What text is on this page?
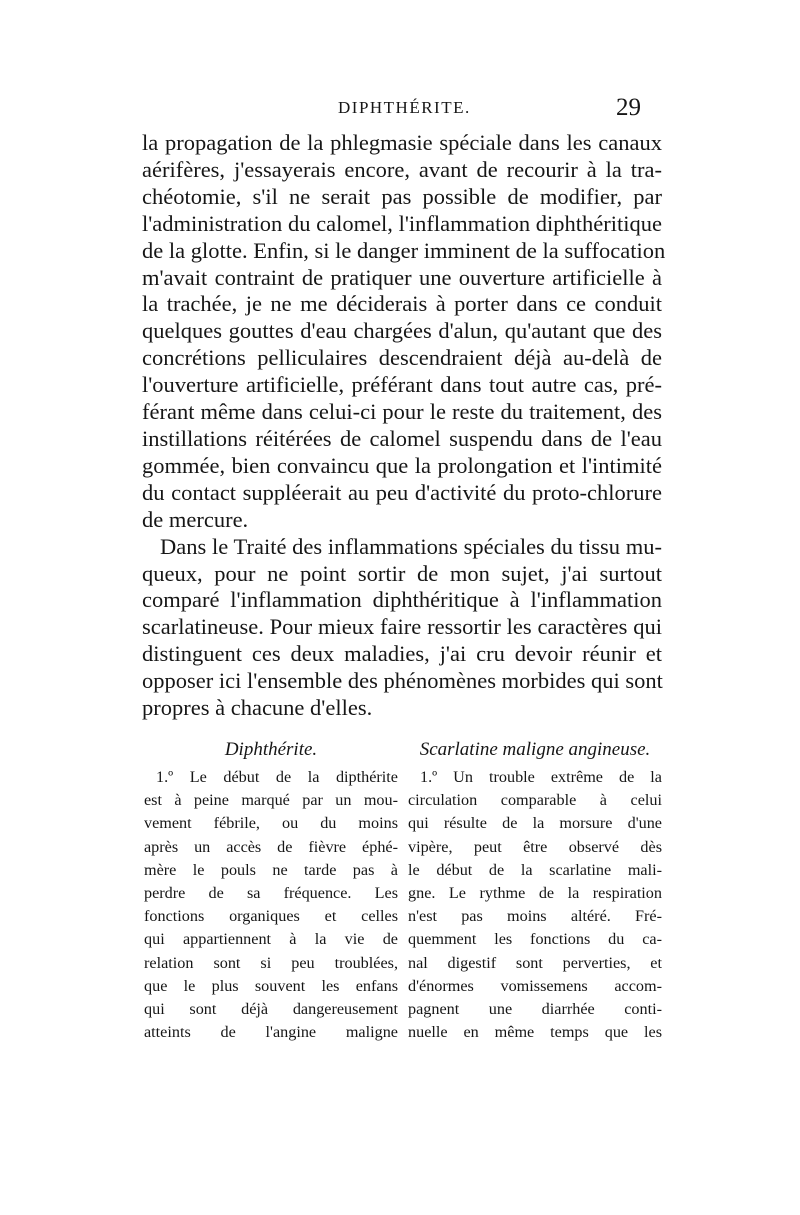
DIPHTHÉRITE.	29

la propagation de la phlegmasie spéciale dans les canaux
aérifères, j'essayerais encore, avant de recourir à la tra-
chéotomie, s'il ne serait pas possible de modifier, par
l'administration du calomel, l'inflammation diphthéritique
de la glotte. Enfin, si le danger imminent de la suffocation
m'avait contraint de pratiquer une ouverture artificielle à
la trachée, je ne me déciderais à porter dans ce conduit
quelques gouttes d'eau chargées d'alun, qu'autant que des
concrétions pelliculaires descendraient déjà au-delà de
l'ouverture artificielle, préférant dans tout autre cas, pré-
férant même dans celui-ci pour le reste du traitement, des
instillations réitérées de calomel suspendu dans de l'eau
gommée, bien convaincu que la prolongation et l'intimité
du contact suppléerait au peu d'activité du proto-chlorure
de mercure.

Dans le Traité des inflammations spéciales du tissu mu-
queux, pour ne point sortir de mon sujet, j'ai surtout
comparé l'inflammation diphthéritique à l'inflammation
scarlatineuse. Pour mieux faire ressortir les caractères qui
distinguent ces deux maladies, j'ai cru devoir réunir et
opposer ici l'ensemble des phénomènes morbides qui sont
propres à chacune d'elles.

Diphthérite.
1.º Le début de la dipthérite
est à peine marqué par un mou-
vement fébrile, ou du moins
après un accès de fièvre éphé-
mère le pouls ne tarde pas à
perdre de sa fréquence. Les
fonctions organiques et celles
qui appartiennent à la vie de
relation sont si peu troublées,
que le plus souvent les enfans
qui sont déjà dangereusement
atteints de l'angine maligne
Scarlatine maligne angineuse.
1.º Un trouble extrême de la
circulation comparable à celui
qui résulte de la morsure d'une
vipère, peut être observé dès
le début de la scarlatine mali-
gne. Le rythme de la respiration
n'est pas moins altéré. Fré-
quemment les fonctions du ca-
nal digestif sont perverties, et
d'énormes vomissemens accom-
pagnent une diarrhée conti-
nuelle en même temps que les
